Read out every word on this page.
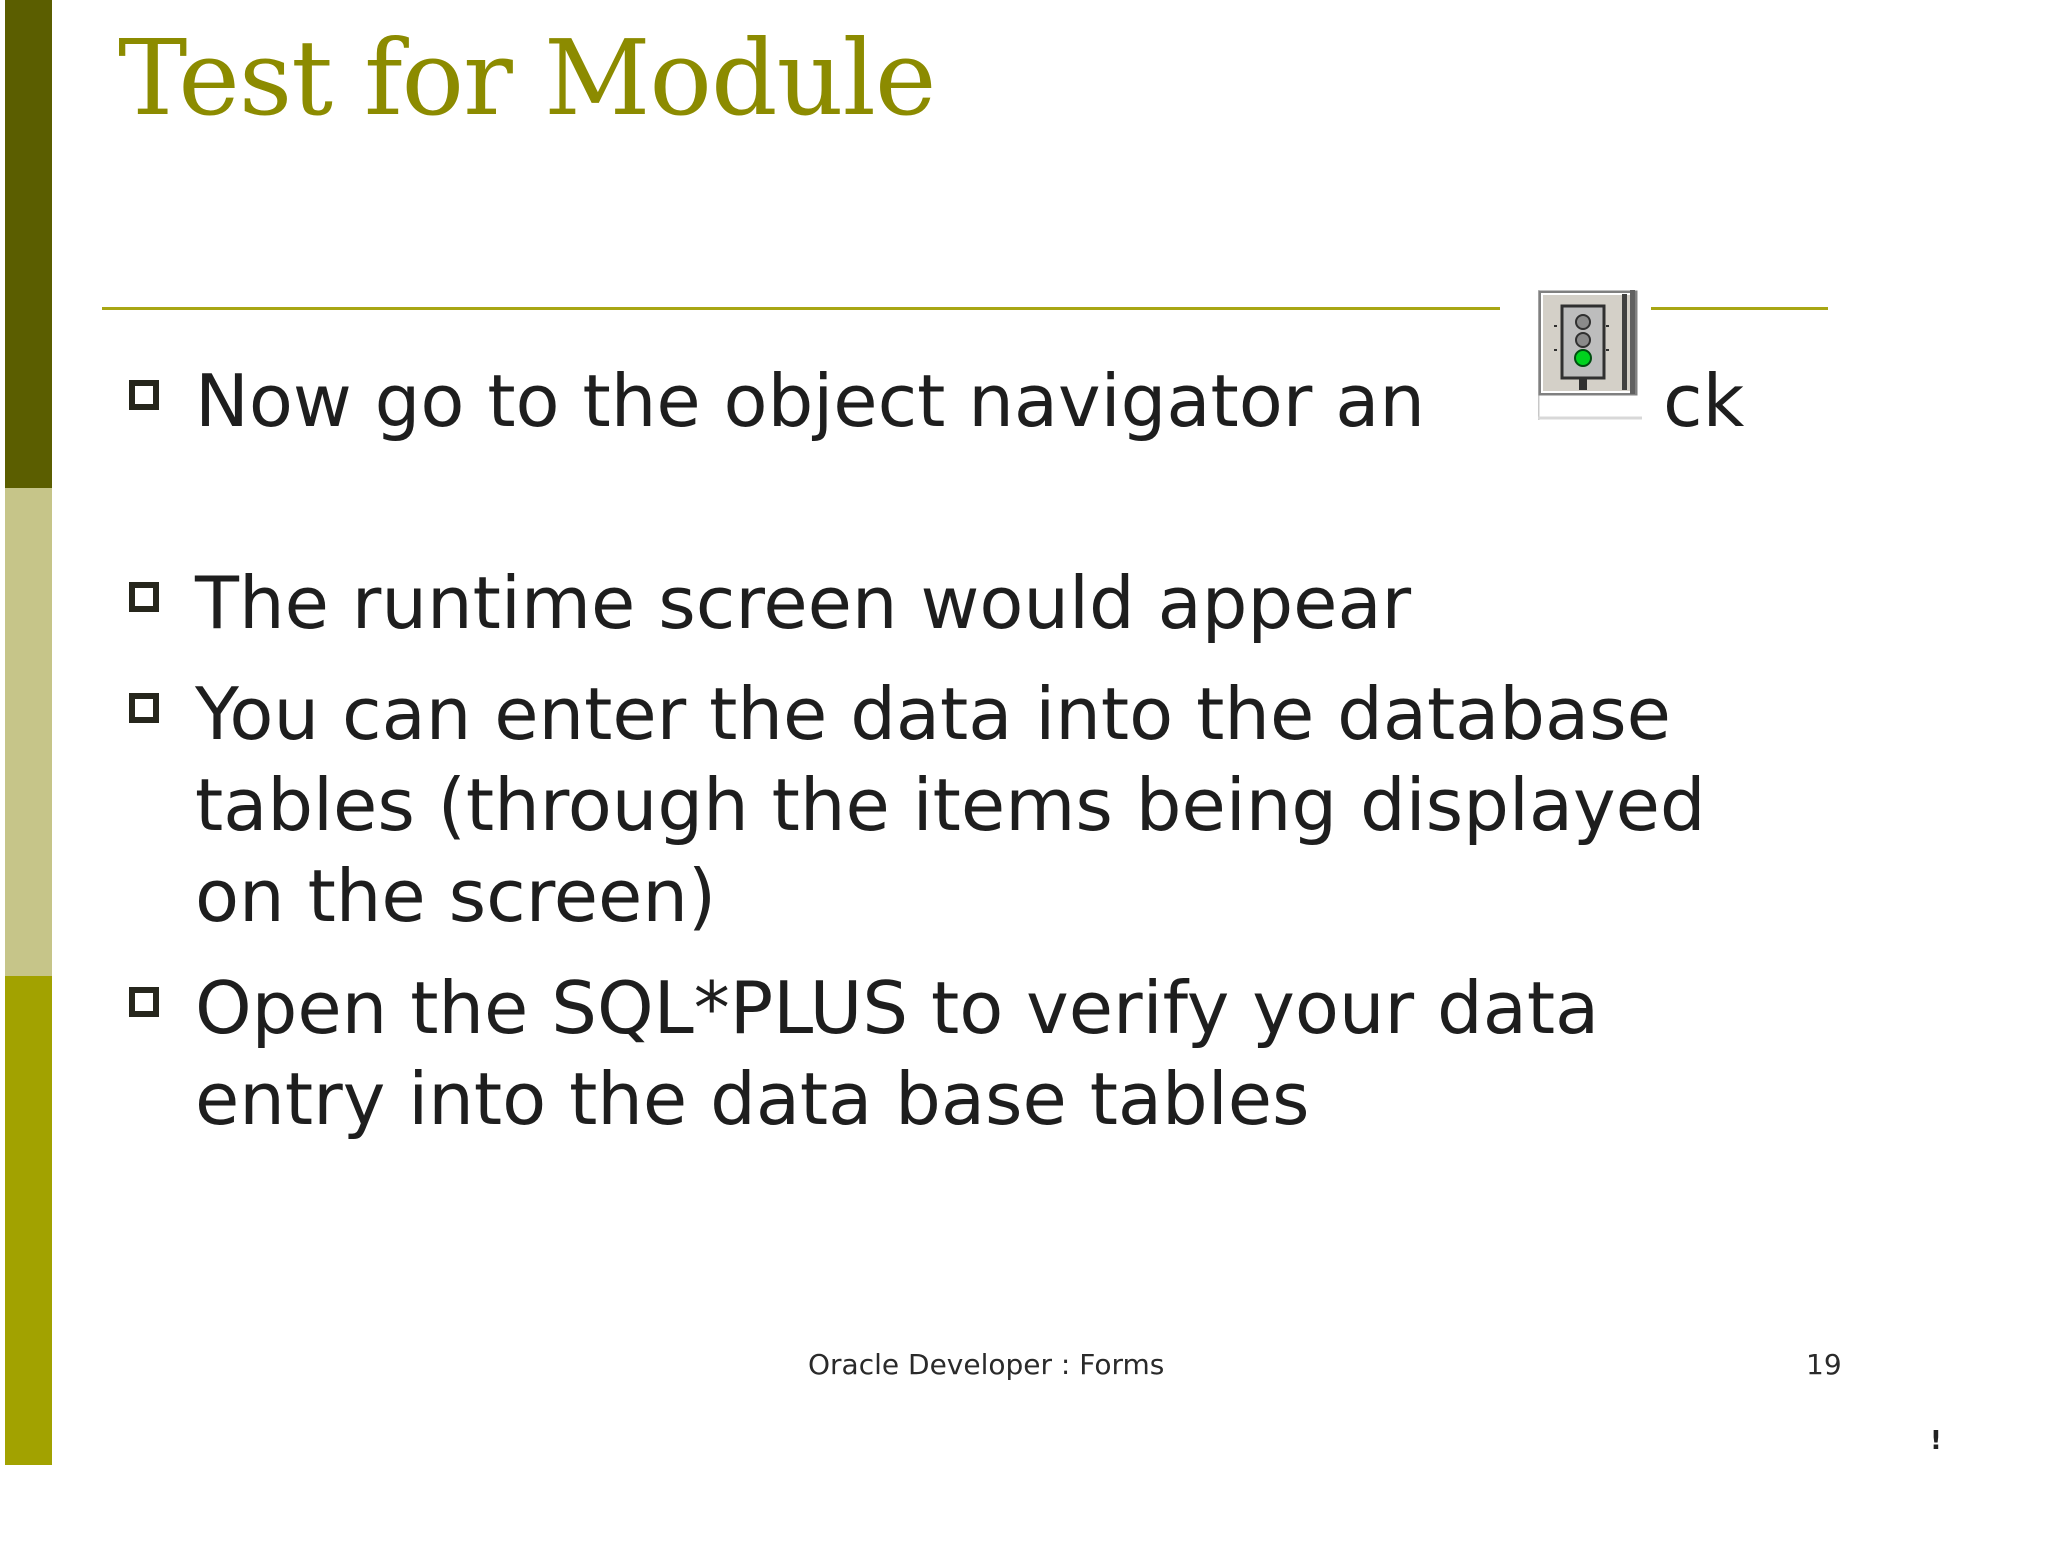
Test for Module

Now go to the object navigator an	ck

The runtime screen would appear

You can enter the data into the database

tables (through the items being displayed

on the screen)

Open the SQL*PLUS to verify your data

entry into the data base tables

Oracle Developer : Forms	19
!
